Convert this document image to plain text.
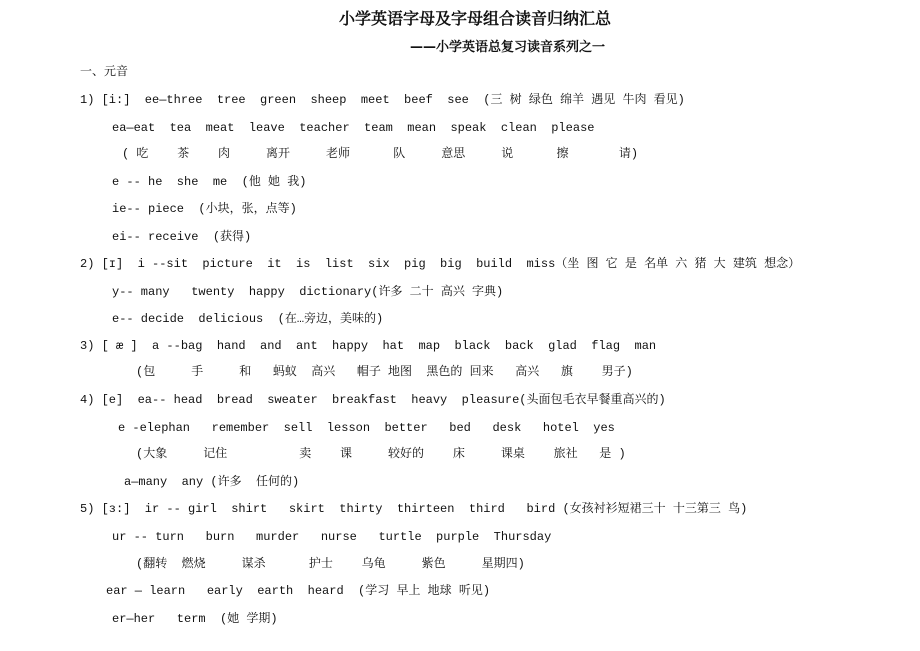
小学英语字母及字母组合读音归纳汇总
——小学英语总复习读音系列之一
一、元音
1) [i:]  ee—three  tree  green  sheep  meet  beef  see  (三 树 绿色 绵羊 遇见 牛肉 看见)
ea—eat  tea  meat  leave  teacher  team  mean  speak  clean  please
( 吃    茶    肉     离开     老师      队     意思     说      擦       请)
e -- he  she  me  (他 她 我)
ie-- piece  (小块，张，点等)
ei-- receive  (获得)
2) [ɪ]  i --sit  picture  it  is  list  six  pig  big  build  miss（坐 图 它 是 名单 六 猪 大 建筑 想念）
y-- many   twenty  happy  dictionary(许多 二十 高兴 字典)
e-- decide  delicious  (在…旁边，美味的)
3) [ æ ]  a --bag  hand  and  ant  happy  hat  map  black  back  glad  flag  man
(包     手     和   蚂蚁  高兴   帽子 地图  黑色的 回来   高兴   旗    男子)
4) [e]  ea-- head  bread  sweater  breakfast  heavy  pleasure(头面包毛衣早餐重高兴的)
e -elephan   remember  sell  lesson  better   bed   desk   hotel  yes
(大象     记住          卖    课     较好的    床     课桌    旅社   是 )
a—many  any (许多  任何的)
5) [ɜ:]  ir -- girl  shirt   skirt  thirty  thirteen  third   bird (女孩衬衫短裙三十 十三第三 鸟)
ur -- turn   burn   murder   nurse   turtle  purple  Thursday
(翻转  燃烧     谋杀      护士    乌龟     紫色     星期四)
ear — learn   early  earth  heard  (学习 早上 地球 听见)
er—her   term  (她 学期)
